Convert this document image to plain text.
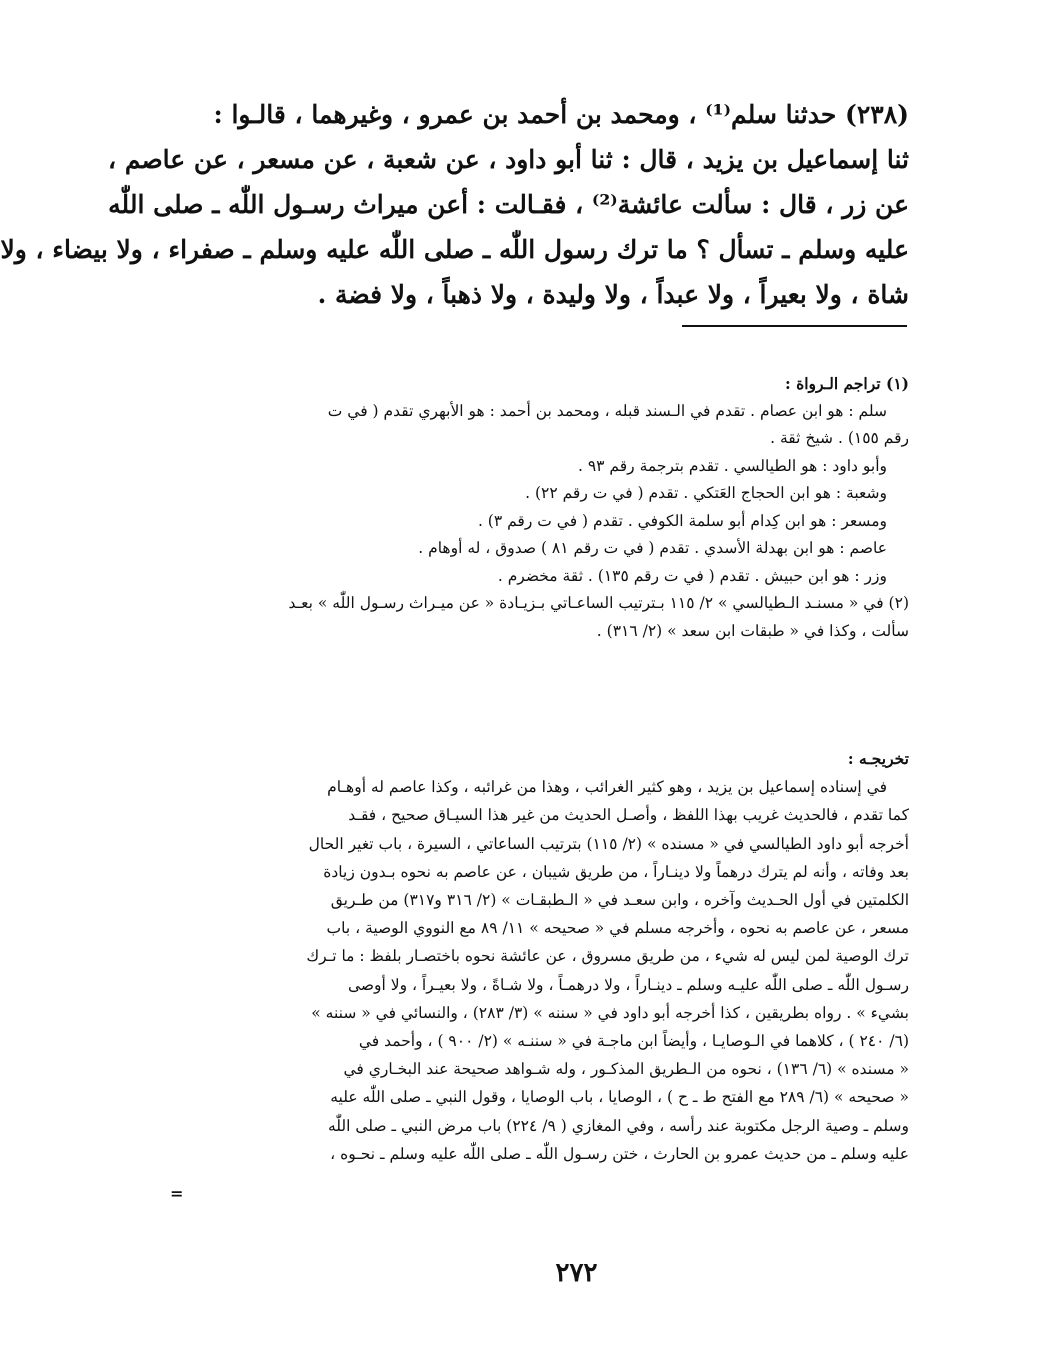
(٢٣٨) حدثنا سلم⁽¹⁾ ، ومحمد بن أحمد بن عمرو ، وغيرهما ، قالـوا :
ثنا إسماعيل بن يزيد ، قال : ثنا أبو داود ، عن شعبة ، عن مسعر ، عن عاصم ،
عن زر ، قال : سألت عائشة⁽²⁾ ، فقـالت : أعن ميراث رسـول اللّٰه ـ صلى اللّٰه
عليه وسلم ـ تسأل ؟ ما ترك رسول اللّٰه ـ صلى اللّٰه عليه وسلم ـ صفراء ، ولا بيضاء ، ولا
شاة ، ولا بعيراً ، ولا عبداً ، ولا وليدة ، ولا ذهباً ، ولا فضة .
(١) تراجم الـرواة :
سلم : هو ابن عصام . تقدم في الـسند قبله ، ومحمد بن أحمد : هو الأبهري تقدم ( في ت
رقم ١٥٥) . شيخ ثقة .
وأبو داود : هو الطيالسي . تقدم بترجمة رقم ٩٣ .
وشعبة : هو ابن الحجاج العَتكي . تقدم ( في ت رقم ٢٢) .
ومسعر : هو ابن كِدام أبو سلمة الكوفي . تقدم ( في ت رقم ٣) .
عاصم : هو ابن بهدلة الأسدي . تقدم ( في ت رقم ٨١ ) صدوق ، له أوهام .
وزر : هو ابن حبيش . تقدم ( في ت رقم ١٣٥) . ثقة مخضرم .
(٢) في « مسنـد الـطيالسي » ٢/ ١١٥ بـترتيب الساعـاتي بـزيـادة « عن ميـراث رسـول اللّٰه » بعـد
سألت ، وكذا في « طبقات ابن سعد » (٢/ ٣١٦) .
تخريجـه :
في إسناده إسماعيل بن يزيد ، وهو كثير الغرائب ، وهذا من غرائبه ، وكذا عاصم له أوهـام
كما تقدم ، فالحديث غريب بهذا اللفظ ، وأصـل الحديث من غير هذا السيـاق صحيح ، فقـد
أخرجه أبو داود الطيالسي في « مسنده » (٢/ ١١٥) بترتيب الساعاتي ، السيرة ، باب تغير الحال
بعد وفاته ، وأنه لم يترك درهماً ولا دينـاراً ، من طريق شيبان ، عن عاصم به نحوه بـدون زيادة
الكلمتين في أول الحـديث وآخره ، وابن سعـد في « الـطبقـات » (٢/ ٣١٦ و٣١٧) من طـريق
مسعر ، عن عاصم به نحوه ، وأخرجه مسلم في « صحيحه » ١١/ ٨٩ مع النووي الوصية ، باب
ترك الوصية لمن ليس له شيء ، من طريق مسروق ، عن عائشة نحوه باختصـار بلفظ : ما تـرك
رسـول اللّٰه ـ صلى اللّٰه عليـه وسلم ـ دينـاراً ، ولا درهمـاً ، ولا شـاةً ، ولا بعيـراً ، ولا أوصى
بشيء » . رواه بطريقين ، كذا أخرجه أبو داود في « سننه » (٣/ ٢٨٣) ، والنسائي في « سننه »
(٦/ ٢٤٠ ) ، كلاهما في الـوصايـا ، وأيضاً ابن ماجـة في « سننـه » (٢/ ٩٠٠ ) ، وأحمد في
« مسنده » (٦/ ١٣٦) ، نحوه من الـطريق المذكـور ، وله شـواهد صحيحة عند البخـاري في
« صحيحه » (٦/ ٢٨٩ مع الفتح ط ـ ح ) ، الوصايا ، باب الوصايا ، وقول النبي ـ صلى اللّٰه عليه
وسلم ـ وصية الرجل مكتوبة عند رأسه ، وفي المغازي ( ٩/ ٢٢٤) باب مرض النبي ـ صلى اللّٰه
عليه وسلم ـ من حديث عمرو بن الحارث ، ختن رسـول اللّٰه ـ صلى اللّٰه عليه وسلم ـ نحـوه ،
=
٢٧٢
